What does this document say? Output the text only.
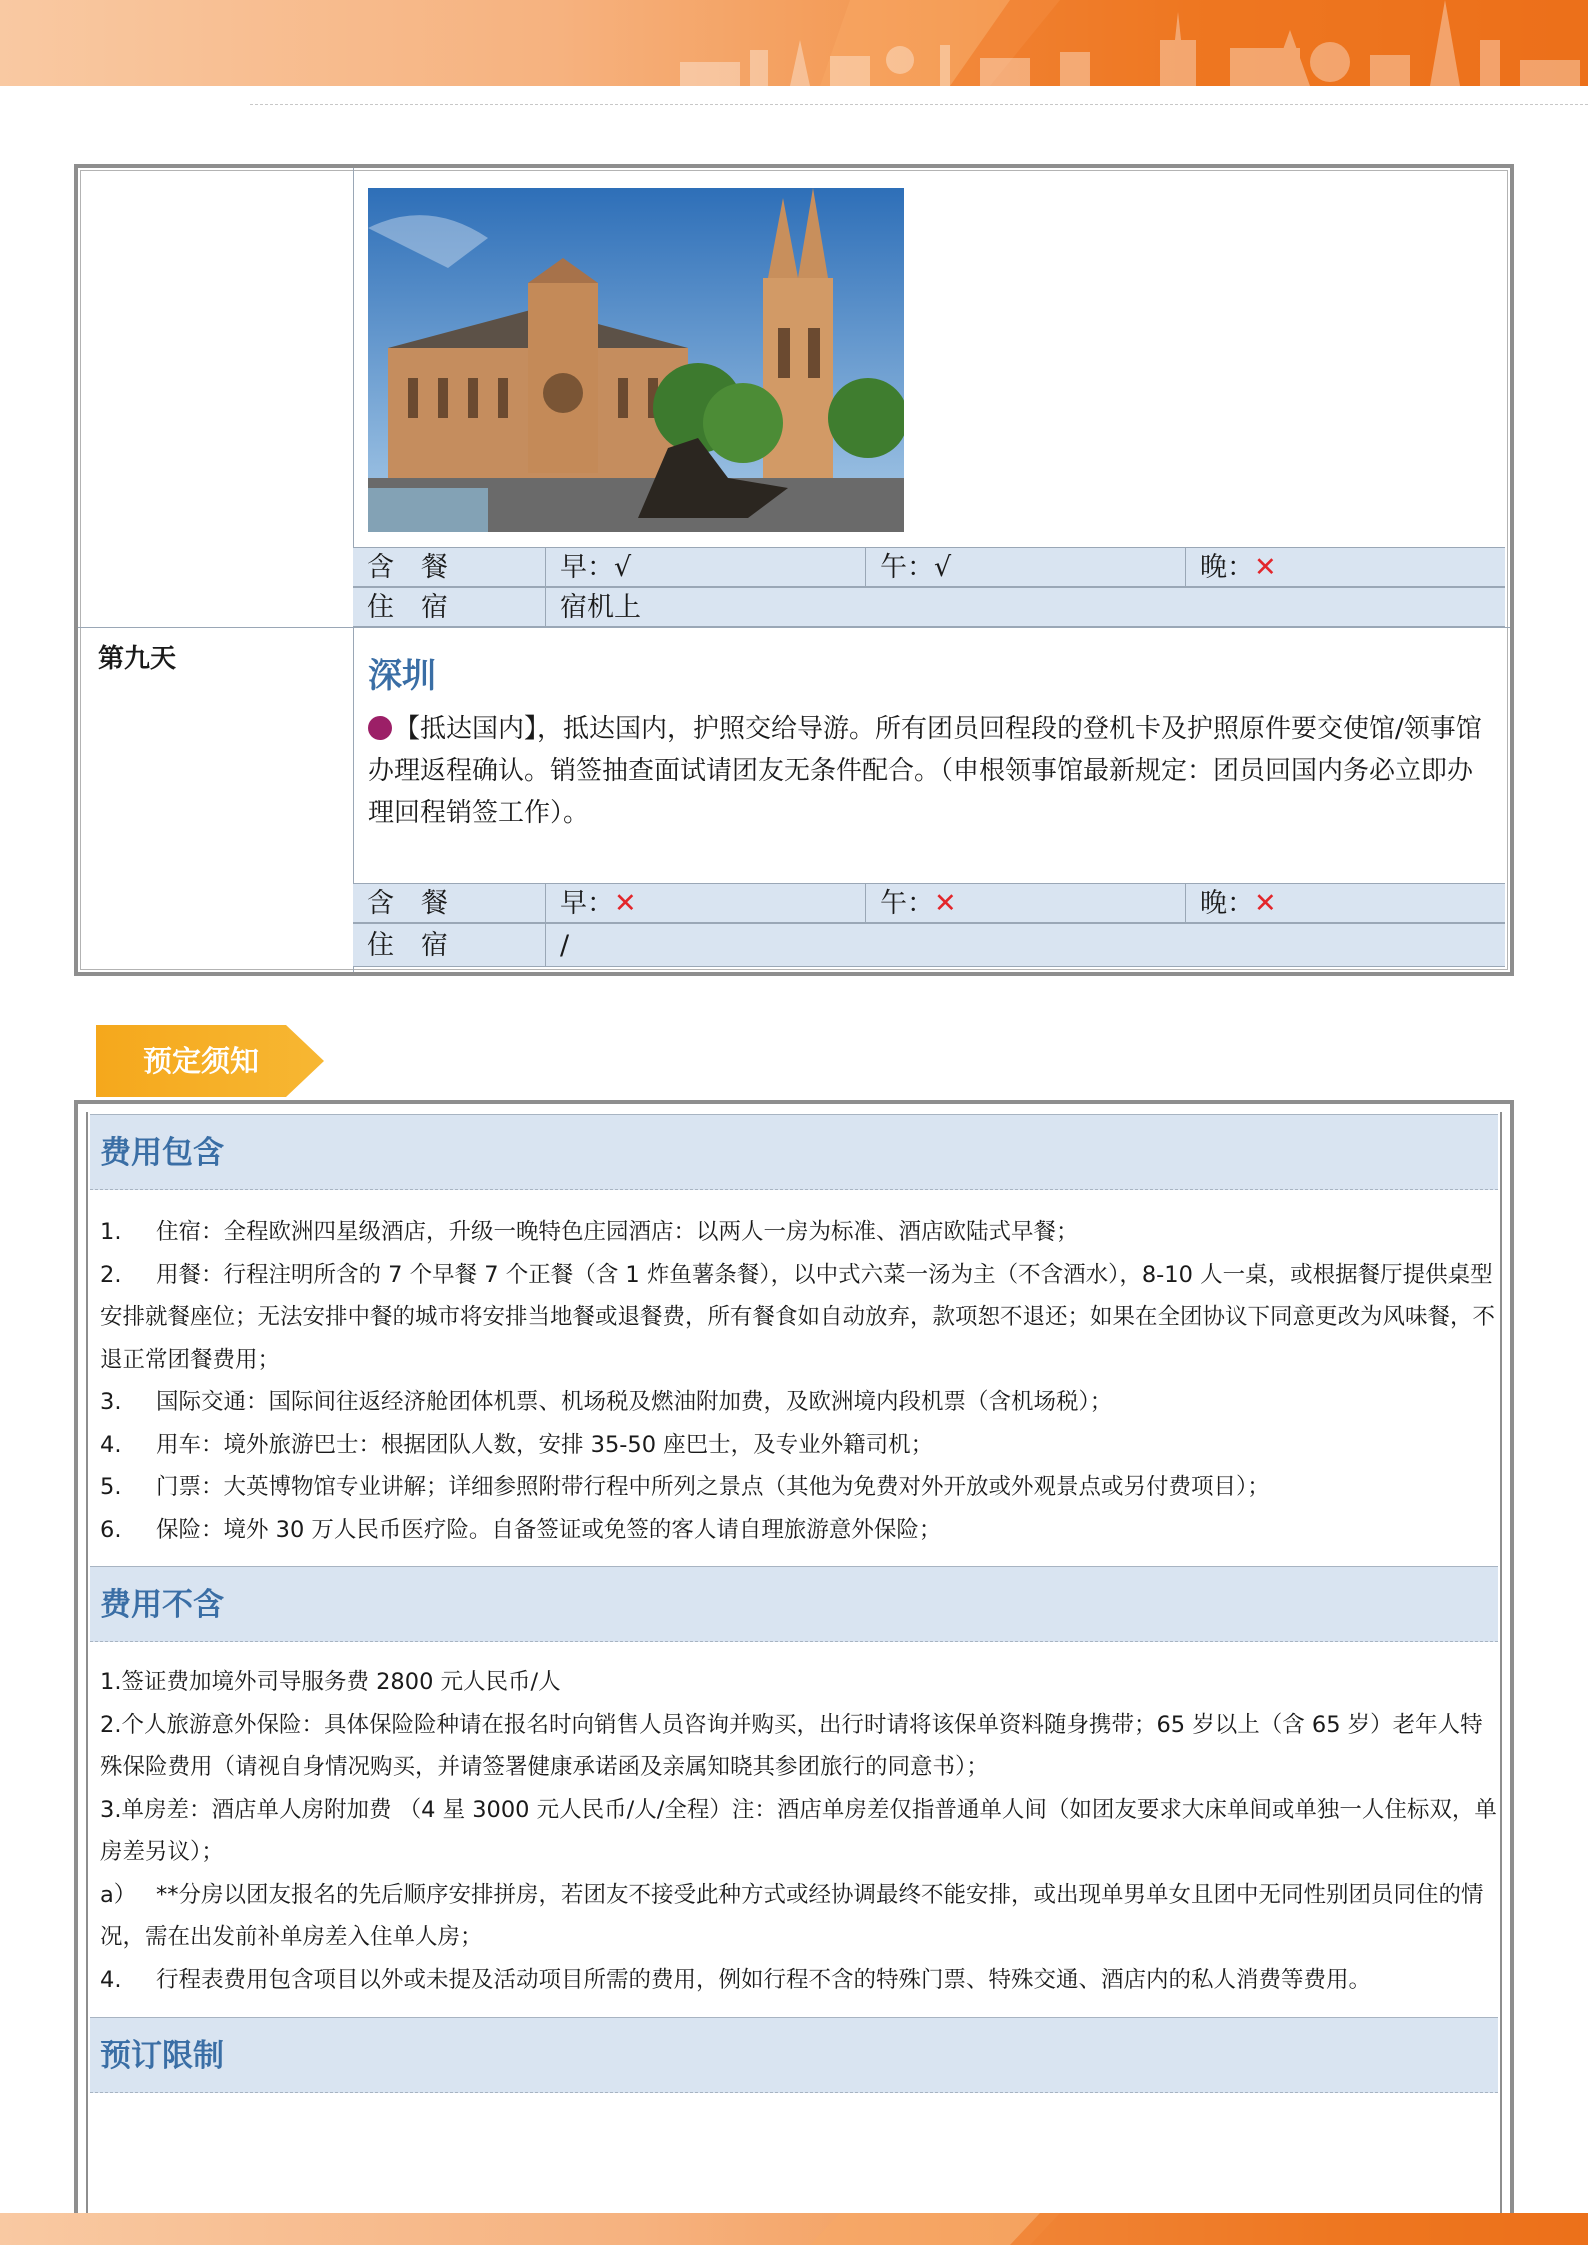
含　餐	早：√	午：√	晚：✕
住　宿	宿机上
第九天	深圳
【抵达国内】，抵达国内，护照交给导游。所有团员回程段的登机卡及护照原件要交使馆/领事馆办理返程确认。销签抽查面试请团友无条件配合。（申根领事馆最新规定：团员回国内务必立即办理回程销签工作）。
含　餐	早：✕	午：✕	晚：✕
住　宿	/
预定须知
费用包含

1. 住宿：全程欧洲四星级酒店，升级一晚特色庄园酒店：以两人一房为标准、酒店欧陆式早餐；

2. 用餐：行程注明所含的 7 个早餐 7 个正餐（含 1 炸鱼薯条餐），以中式六菜一汤为主（不含酒水），8-10 人一桌，或根据餐厅提供桌型安排就餐座位；无法安排中餐的城市将安排当地餐或退餐费，所有餐食如自动放弃，款项恕不退还；如果在全团协议下同意更改为风味餐，不退正常团餐费用；

3. 国际交通：国际间往返经济舱团体机票、机场税及燃油附加费，及欧洲境内段机票（含机场税）；

4. 用车：境外旅游巴士：根据团队人数，安排 35-50 座巴士，及专业外籍司机；

5. 门票：大英博物馆专业讲解；详细参照附带行程中所列之景点（其他为免费对外开放或外观景点或另付费项目）；

6. 保险：境外 30 万人民币医疗险。自备签证或免签的客人请自理旅游意外保险；

费用不含

1.签证费加境外司导服务费 2800 元人民币/人

2.个人旅游意外保险：具体保险险种请在报名时向销售人员咨询并购买，出行时请将该保单资料随身携带；65 岁以上（含 65 岁）老年人特殊保险费用（请视自身情况购买，并请签署健康承诺函及亲属知晓其参团旅行的同意书）；

3.单房差：酒店单人房附加费 （4 星 3000 元人民币/人/全程）注：酒店单房差仅指普通单人间（如团友要求大床单间或单独一人住标双，单房差另议）；

a） **分房以团友报名的先后顺序安排拼房，若团友不接受此种方式或经协调最终不能安排，或出现单男单女且团中无同性别团员同住的情况，需在出发前补单房差入住单人房；

4. 行程表费用包含项目以外或未提及活动项目所需的费用，例如行程不含的特殊门票、特殊交通、酒店内的私人消费等费用。

预订限制
